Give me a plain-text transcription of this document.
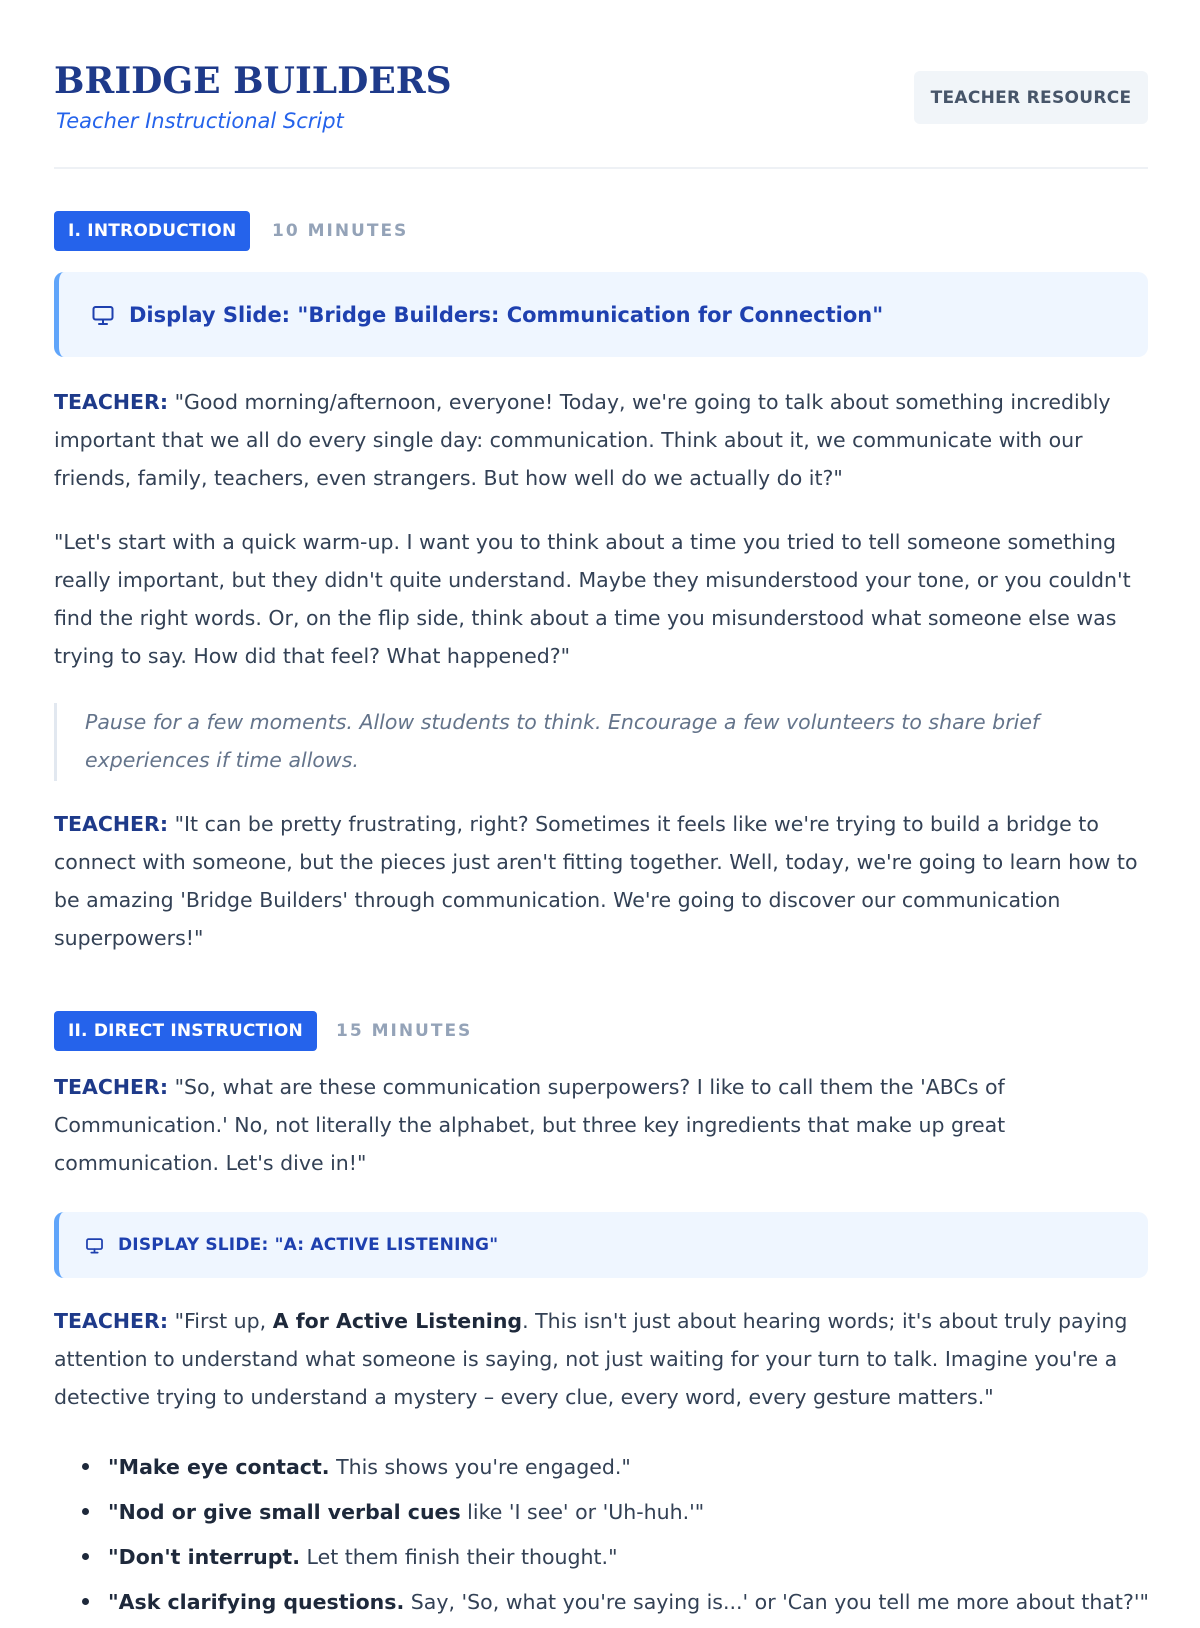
BRIDGE BUILDERS
Teacher Instructional Script
TEACHER RESOURCE
I. INTRODUCTION	10 MINUTES
Display Slide: "Bridge Builders: Communication for Connection"

TEACHER: "Good morning/afternoon, everyone! Today, we're going to talk about something incredibly important that we all do every single day: communication. Think about it, we communicate with our friends, family, teachers, even strangers. But how well do we actually do it?"

"Let's start with a quick warm-up. I want you to think about a time you tried to tell someone something really important, but they didn't quite understand. Maybe they misunderstood your tone, or you couldn't find the right words. Or, on the flip side, think about a time you misunderstood what someone else was trying to say. How did that feel? What happened?"

Pause for a few moments. Allow students to think. Encourage a few volunteers to share brief experiences if time allows.

TEACHER: "It can be pretty frustrating, right? Sometimes it feels like we're trying to build a bridge to connect with someone, but the pieces just aren't fitting together. Well, today, we're going to learn how to be amazing 'Bridge Builders' through communication. We're going to discover our communication superpowers!"

II. DIRECT INSTRUCTION	15 MINUTES

TEACHER: "So, what are these communication superpowers? I like to call them the 'ABCs of Communication.' No, not literally the alphabet, but three key ingredients that make up great communication. Let's dive in!"

DISPLAY SLIDE: "A: ACTIVE LISTENING"

TEACHER: "First up, A for Active Listening. This isn't just about hearing words; it's about truly paying attention to understand what someone is saying, not just waiting for your turn to talk. Imagine you're a detective trying to understand a mystery – every clue, every word, every gesture matters."

"Make eye contact. This shows you're engaged."
"Nod or give small verbal cues like 'I see' or 'Uh-huh.'"
"Don't interrupt. Let them finish their thought."
"Ask clarifying questions. Say, 'So, what you're saying is...' or 'Can you tell me more about that?'"
